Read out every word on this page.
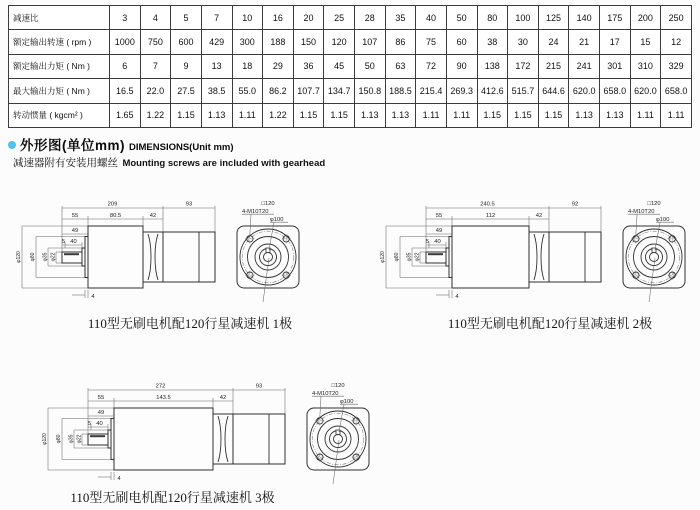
减速比	3	4	5	7	10	16	20	25	28	35	40	50	80	100	125	140	175	200	250
额定输出转速 ( rpm )	1000	750	600	429	300	188	150	120	107	86	75	60	38	30	24	21	17	15	12
额定输出力矩 ( Nm )	6	7	9	13	18	29	36	45	50	63	72	90	138	172	215	241	301	310	329
最大输出力矩 ( Nm )	16.5	22.0	27.5	38.5	55.0	86.2	107.7	134.7	150.8	188.5	215.4	269.3	412.6	515.7	644.6	620.0	658.0	620.0	658.0
转动惯量 ( kgcm² )	1.65	1.22	1.15	1.13	1.11	1.22	1.15	1.15	1.13	1.13	1.11	1.11	1.15	1.15	1.15	1.13	1.13	1.11	1.11
外形图(单位mm) DIMENSIONS(Unit mm)
减速器附有安装用螺丝 Mounting screws are included with gearhead
209	93
55	80.5	42
49
5 40
4
φ120 φ80 φ35 φ22
□120
4-M10T20
φ100
240.5	92
55	112	42
49
5 40
4
φ120 φ80 φ35 φ22
□120
4-M10T20
φ100
272	93
55	143.5	42
49
5 40
4
φ120 φ80 φ35 φ22
□120
4-M10T20
φ100
110型无刷电机配120行星减速机 1极	110型无刷电机配120行星减速机 2极
110型无刷电机配120行星减速机 3极
